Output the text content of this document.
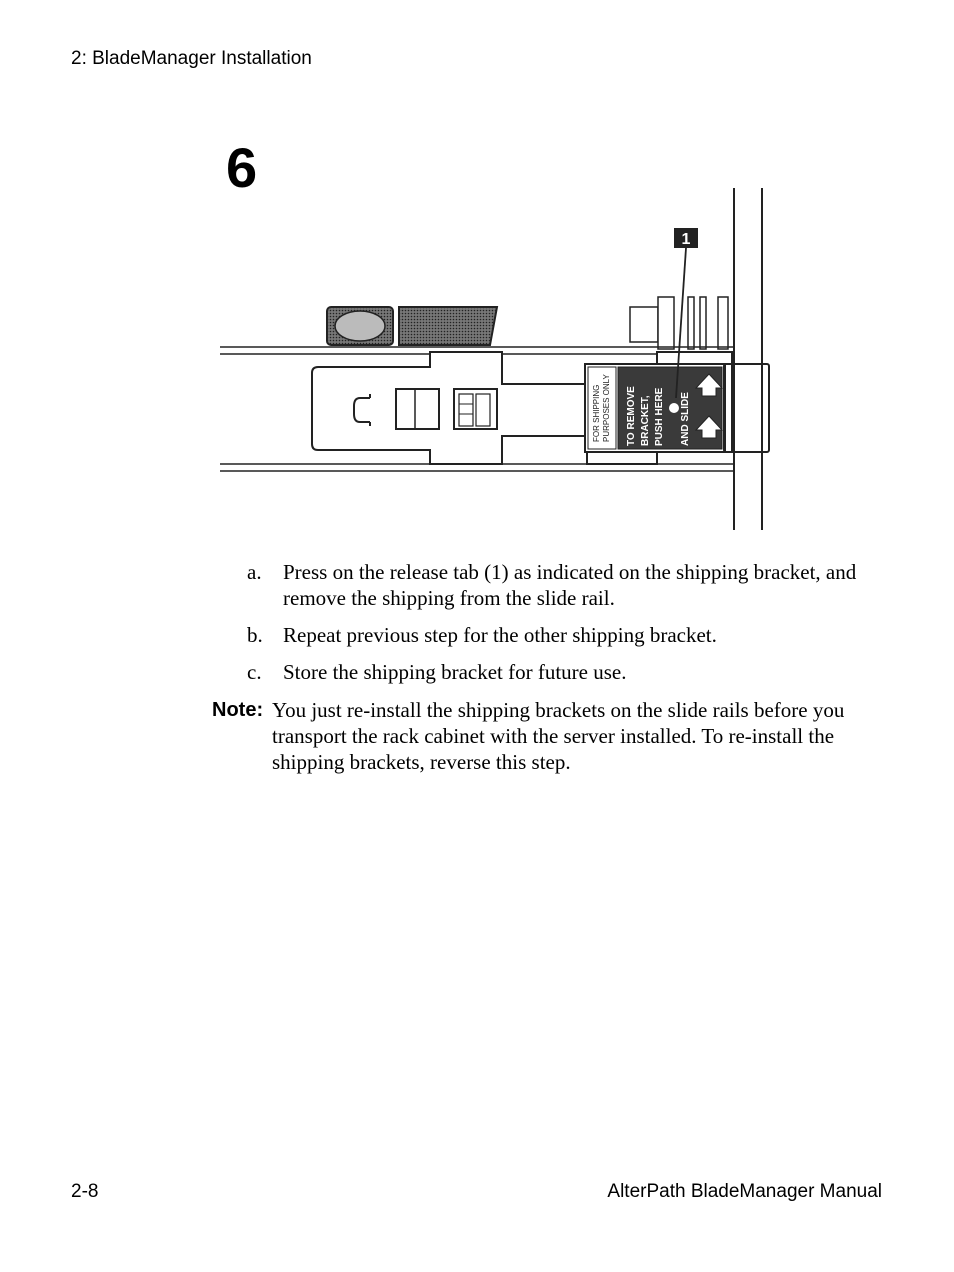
2: BladeManager Installation
6
FOR SHIPPING PURPOSES ONLY TO REMOVE BRACKET, PUSH HERE AND SLIDE
1
a.	Press on the release tab (1) as indicated on the shipping bracket, and remove the shipping from the slide rail.
b. Repeat previous step for the other shipping bracket.
c.	Store the shipping bracket for future use.
Note: You just re-install the shipping brackets on the slide rails before you transport the rack cabinet with the server installed. To re-install the shipping brackets, reverse this step.
2-8	AlterPath BladeManager Manual
